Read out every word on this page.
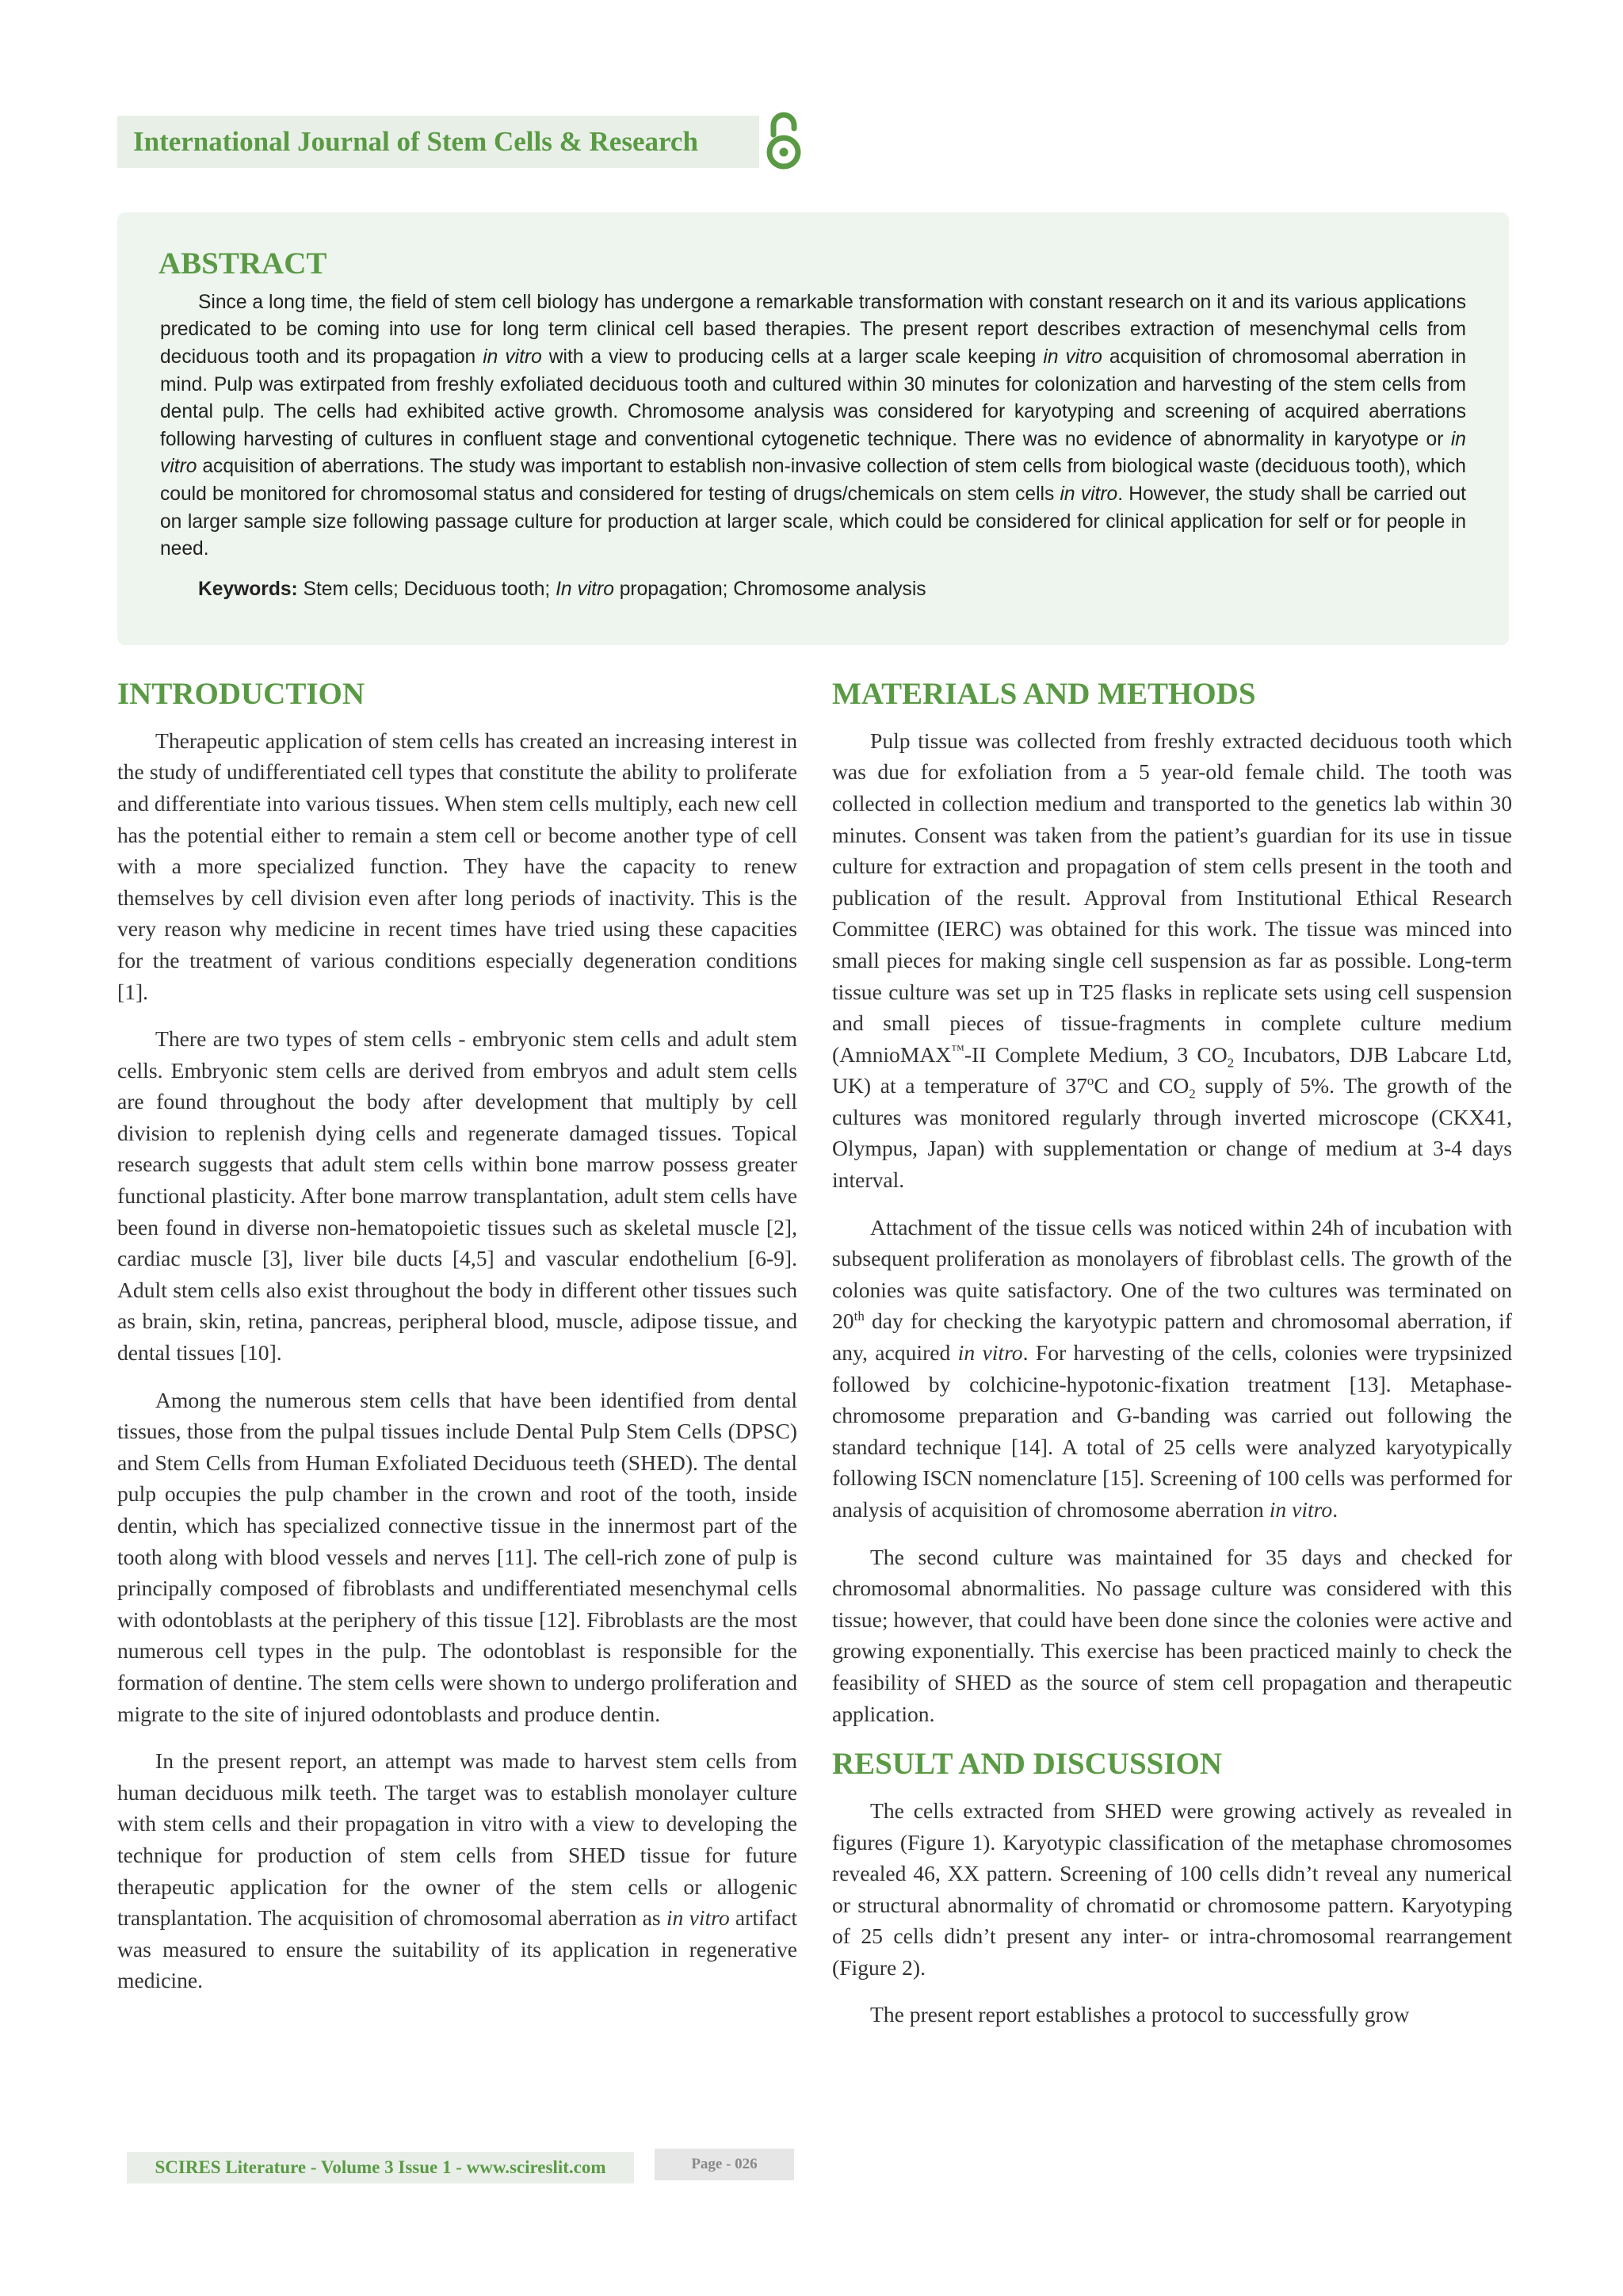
International Journal of Stem Cells & Research
ABSTRACT

Since a long time, the field of stem cell biology has undergone a remarkable transformation with constant research on it and its various applications predicated to be coming into use for long term clinical cell based therapies. The present report describes extraction of mesenchymal cells from deciduous tooth and its propagation in vitro with a view to producing cells at a larger scale keeping in vitro acquisition of chromosomal aberration in mind. Pulp was extirpated from freshly exfoliated deciduous tooth and cultured within 30 minutes for colonization and harvesting of the stem cells from dental pulp. The cells had exhibited active growth. Chromosome analysis was considered for karyotyping and screening of acquired aberrations following harvesting of cultures in confluent stage and conventional cytogenetic technique. There was no evidence of abnormality in karyotype or in vitro acquisition of aberrations. The study was important to establish non-invasive collection of stem cells from biological waste (deciduous tooth), which could be monitored for chromosomal status and considered for testing of drugs/chemicals on stem cells in vitro. However, the study shall be carried out on larger sample size following passage culture for production at larger scale, which could be considered for clinical application for self or for people in need.

Keywords: Stem cells; Deciduous tooth; In vitro propagation; Chromosome analysis

INTRODUCTION

Therapeutic application of stem cells has created an increasing interest in the study of undifferentiated cell types that constitute the ability to proliferate and differentiate into various tissues. When stem cells multiply, each new cell has the potential either to remain a stem cell or become another type of cell with a more specialized function. They have the capacity to renew themselves by cell division even after long periods of inactivity. This is the very reason why medicine in recent times have tried using these capacities for the treatment of various conditions especially degeneration conditions [1].

There are two types of stem cells - embryonic stem cells and adult stem cells. Embryonic stem cells are derived from embryos and adult stem cells are found throughout the body after development that multiply by cell division to replenish dying cells and regenerate damaged tissues. Topical research suggests that adult stem cells within bone marrow possess greater functional plasticity. After bone marrow transplantation, adult stem cells have been found in diverse non-hematopoietic tissues such as skeletal muscle [2], cardiac muscle [3], liver bile ducts [4,5] and vascular endothelium [6-9]. Adult stem cells also exist throughout the body in different other tissues such as brain, skin, retina, pancreas, peripheral blood, muscle, adipose tissue, and dental tissues [10].

Among the numerous stem cells that have been identified from dental tissues, those from the pulpal tissues include Dental Pulp Stem Cells (DPSC) and Stem Cells from Human Exfoliated Deciduous teeth (SHED). The dental pulp occupies the pulp chamber in the crown and root of the tooth, inside dentin, which has specialized connective tissue in the innermost part of the tooth along with blood vessels and nerves [11]. The cell-rich zone of pulp is principally composed of fibroblasts and undifferentiated mesenchymal cells with odontoblasts at the periphery of this tissue [12]. Fibroblasts are the most numerous cell types in the pulp. The odontoblast is responsible for the formation of dentine. The stem cells were shown to undergo proliferation and migrate to the site of injured odontoblasts and produce dentin.

In the present report, an attempt was made to harvest stem cells from human deciduous milk teeth. The target was to establish monolayer culture with stem cells and their propagation in vitro with a view to developing the technique for production of stem cells from SHED tissue for future therapeutic application for the owner of the stem cells or allogenic transplantation. The acquisition of chromosomal aberration as in vitro artifact was measured to ensure the suitability of its application in regenerative medicine.

MATERIALS AND METHODS

Pulp tissue was collected from freshly extracted deciduous tooth which was due for exfoliation from a 5 year-old female child. The tooth was collected in collection medium and transported to the genetics lab within 30 minutes. Consent was taken from the patient’s guardian for its use in tissue culture for extraction and propagation of stem cells present in the tooth and publication of the result. Approval from Institutional Ethical Research Committee (IERC) was obtained for this work. The tissue was minced into small pieces for making single cell suspension as far as possible. Long-term tissue culture was set up in T25 flasks in replicate sets using cell suspension and small pieces of tissue-fragments in complete culture medium (AmnioMAX™-II Complete Medium, 3 $CO_2$ Incubators, DJB Labcare Ltd, UK) at a temperature of 37$^o$C and $CO_2$ supply of 5%. The growth of the cultures was monitored regularly through inverted microscope (CKX41, Olympus, Japan) with supplementation or change of medium at 3-4 days interval.

Attachment of the tissue cells was noticed within 24h of incubation with subsequent proliferation as monolayers of fibroblast cells. The growth of the colonies was quite satisfactory. One of the two cultures was terminated on 20th day for checking the karyotypic pattern and chromosomal aberration, if any, acquired in vitro. For harvesting of the cells, colonies were trypsinized followed by colchicine-hypotonic-fixation treatment [13]. Metaphase-chromosome preparation and G-banding was carried out following the standard technique [14]. A total of 25 cells were analyzed karyotypically following ISCN nomenclature [15]. Screening of 100 cells was performed for analysis of acquisition of chromosome aberration in vitro.

The second culture was maintained for 35 days and checked for chromosomal abnormalities. No passage culture was considered with this tissue; however, that could have been done since the colonies were active and growing exponentially. This exercise has been practiced mainly to check the feasibility of SHED as the source of stem cell propagation and therapeutic application.

RESULT AND DISCUSSION

The cells extracted from SHED were growing actively as revealed in figures (Figure 1). Karyotypic classification of the metaphase chromosomes revealed 46, XX pattern. Screening of 100 cells didn’t reveal any numerical or structural abnormality of chromatid or chromosome pattern. Karyotyping of 25 cells didn’t present any inter- or intra-chromosomal rearrangement (Figure 2).

The present report establishes a protocol to successfully grow

SCIRES Literature - Volume 3 Issue 1 - www.scireslit.com	Page - 026
